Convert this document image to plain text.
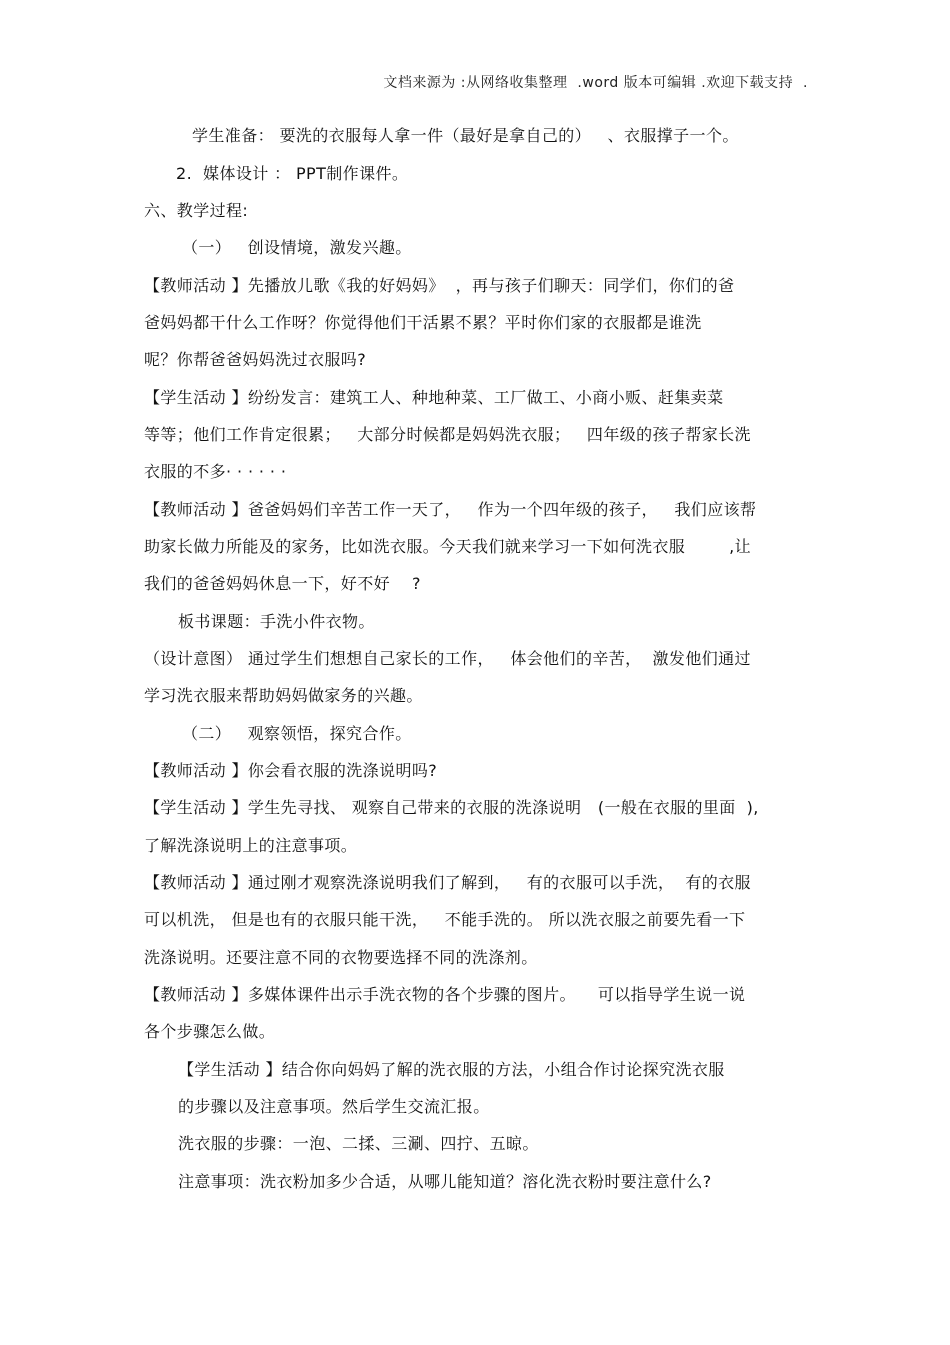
文档来源为 :从网络收集整理  .word 版本可编辑 .欢迎下载支持  .
学生准备： 要洗的衣服每人拿一件（最好是拿自己的）   、衣服撑子一个。
2.  媒体设计 ： PPT制作课件。
六、教学过程:
（一）   创设情境，激发兴趣。
【教师活动 】先播放儿歌《我的好妈妈》  ，再与孩子们聊天：同学们，你们的爸
爸妈妈都干什么工作呀？你觉得他们干活累不累？平时你们家的衣服都是谁洗
呢？你帮爸爸妈妈洗过衣服吗?
【学生活动 】纷纷发言：建筑工人、种地种菜、工厂做工、小商小贩、赶集卖菜
等等；他们工作肯定很累；   大部分时候都是妈妈洗衣服；   四年级的孩子帮家长洗
衣服的不多· · · · · ·
【教师活动 】爸爸妈妈们辛苦工作一天了，   作为一个四年级的孩子，   我们应该帮
助家长做力所能及的家务，比如洗衣服。今天我们就来学习一下如何洗衣服        ,让
我们的爸爸妈妈休息一下，好不好    ?
板书课题：手洗小件衣物。
（设计意图） 通过学生们想想自己家长的工作，   体会他们的辛苦，  激发他们通过
学习洗衣服来帮助妈妈做家务的兴趣。
（二）   观察领悟，探究合作。
【教师活动 】你会看衣服的洗涤说明吗?
【学生活动 】学生先寻找、 观察自己带来的衣服的洗涤说明   (一般在衣服的里面  ),
了解洗涤说明上的注意事项。
【教师活动 】通过刚才观察洗涤说明我们了解到，   有的衣服可以手洗，  有的衣服
可以机洗， 但是也有的衣服只能干洗，   不能手洗的。 所以洗衣服之前要先看一下
洗涤说明。还要注意不同的衣物要选择不同的洗涤剂。
【教师活动 】多媒体课件出示手洗衣物的各个步骤的图片。    可以指导学生说一说
各个步骤怎么做。
【学生活动 】结合你向妈妈了解的洗衣服的方法，小组合作讨论探究洗衣服
的步骤以及注意事项。然后学生交流汇报。
洗衣服的步骤：一泡、二揉、三涮、四拧、五晾。
注意事项：洗衣粉加多少合适，从哪儿能知道？溶化洗衣粉时要注意什么?
